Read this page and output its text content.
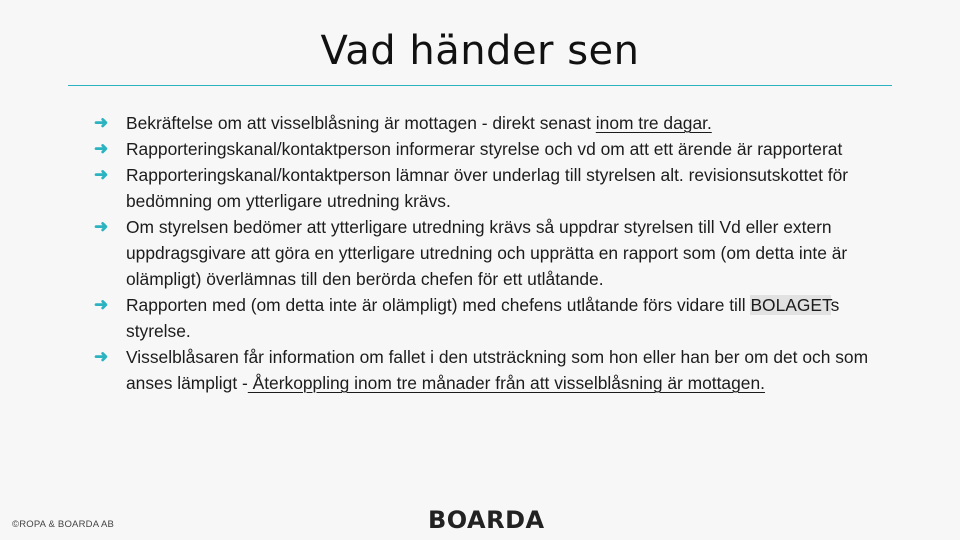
Vad händer sen
➜	Bekräftelse om att visselblåsning är mottagen - direkt senast inom tre dagar.
➜	Rapporteringskanal/kontaktperson informerar styrelse och vd om att ett ärende är rapporterat
➜	Rapporteringskanal/kontaktperson lämnar över underlag till styrelsen alt. revisionsutskottet för bedömning om ytterligare utredning krävs.
➜	Om styrelsen bedömer att ytterligare utredning krävs så uppdrar styrelsen till Vd eller extern uppdragsgivare att göra en ytterligare utredning och upprätta en rapport som (om detta inte är olämpligt) överlämnas till den berörda chefen för ett utlåtande.
➜	Rapporten med (om detta inte är olämpligt) med chefens utlåtande förs vidare till BOLAGETs styrelse.
➜	Visselblåsaren får information om fallet i den utsträckning som hon eller han ber om det och som anses lämpligt - Återkoppling inom tre månader från att visselblåsning är mottagen.
©ROPA & BOARDA AB	BOARDA
